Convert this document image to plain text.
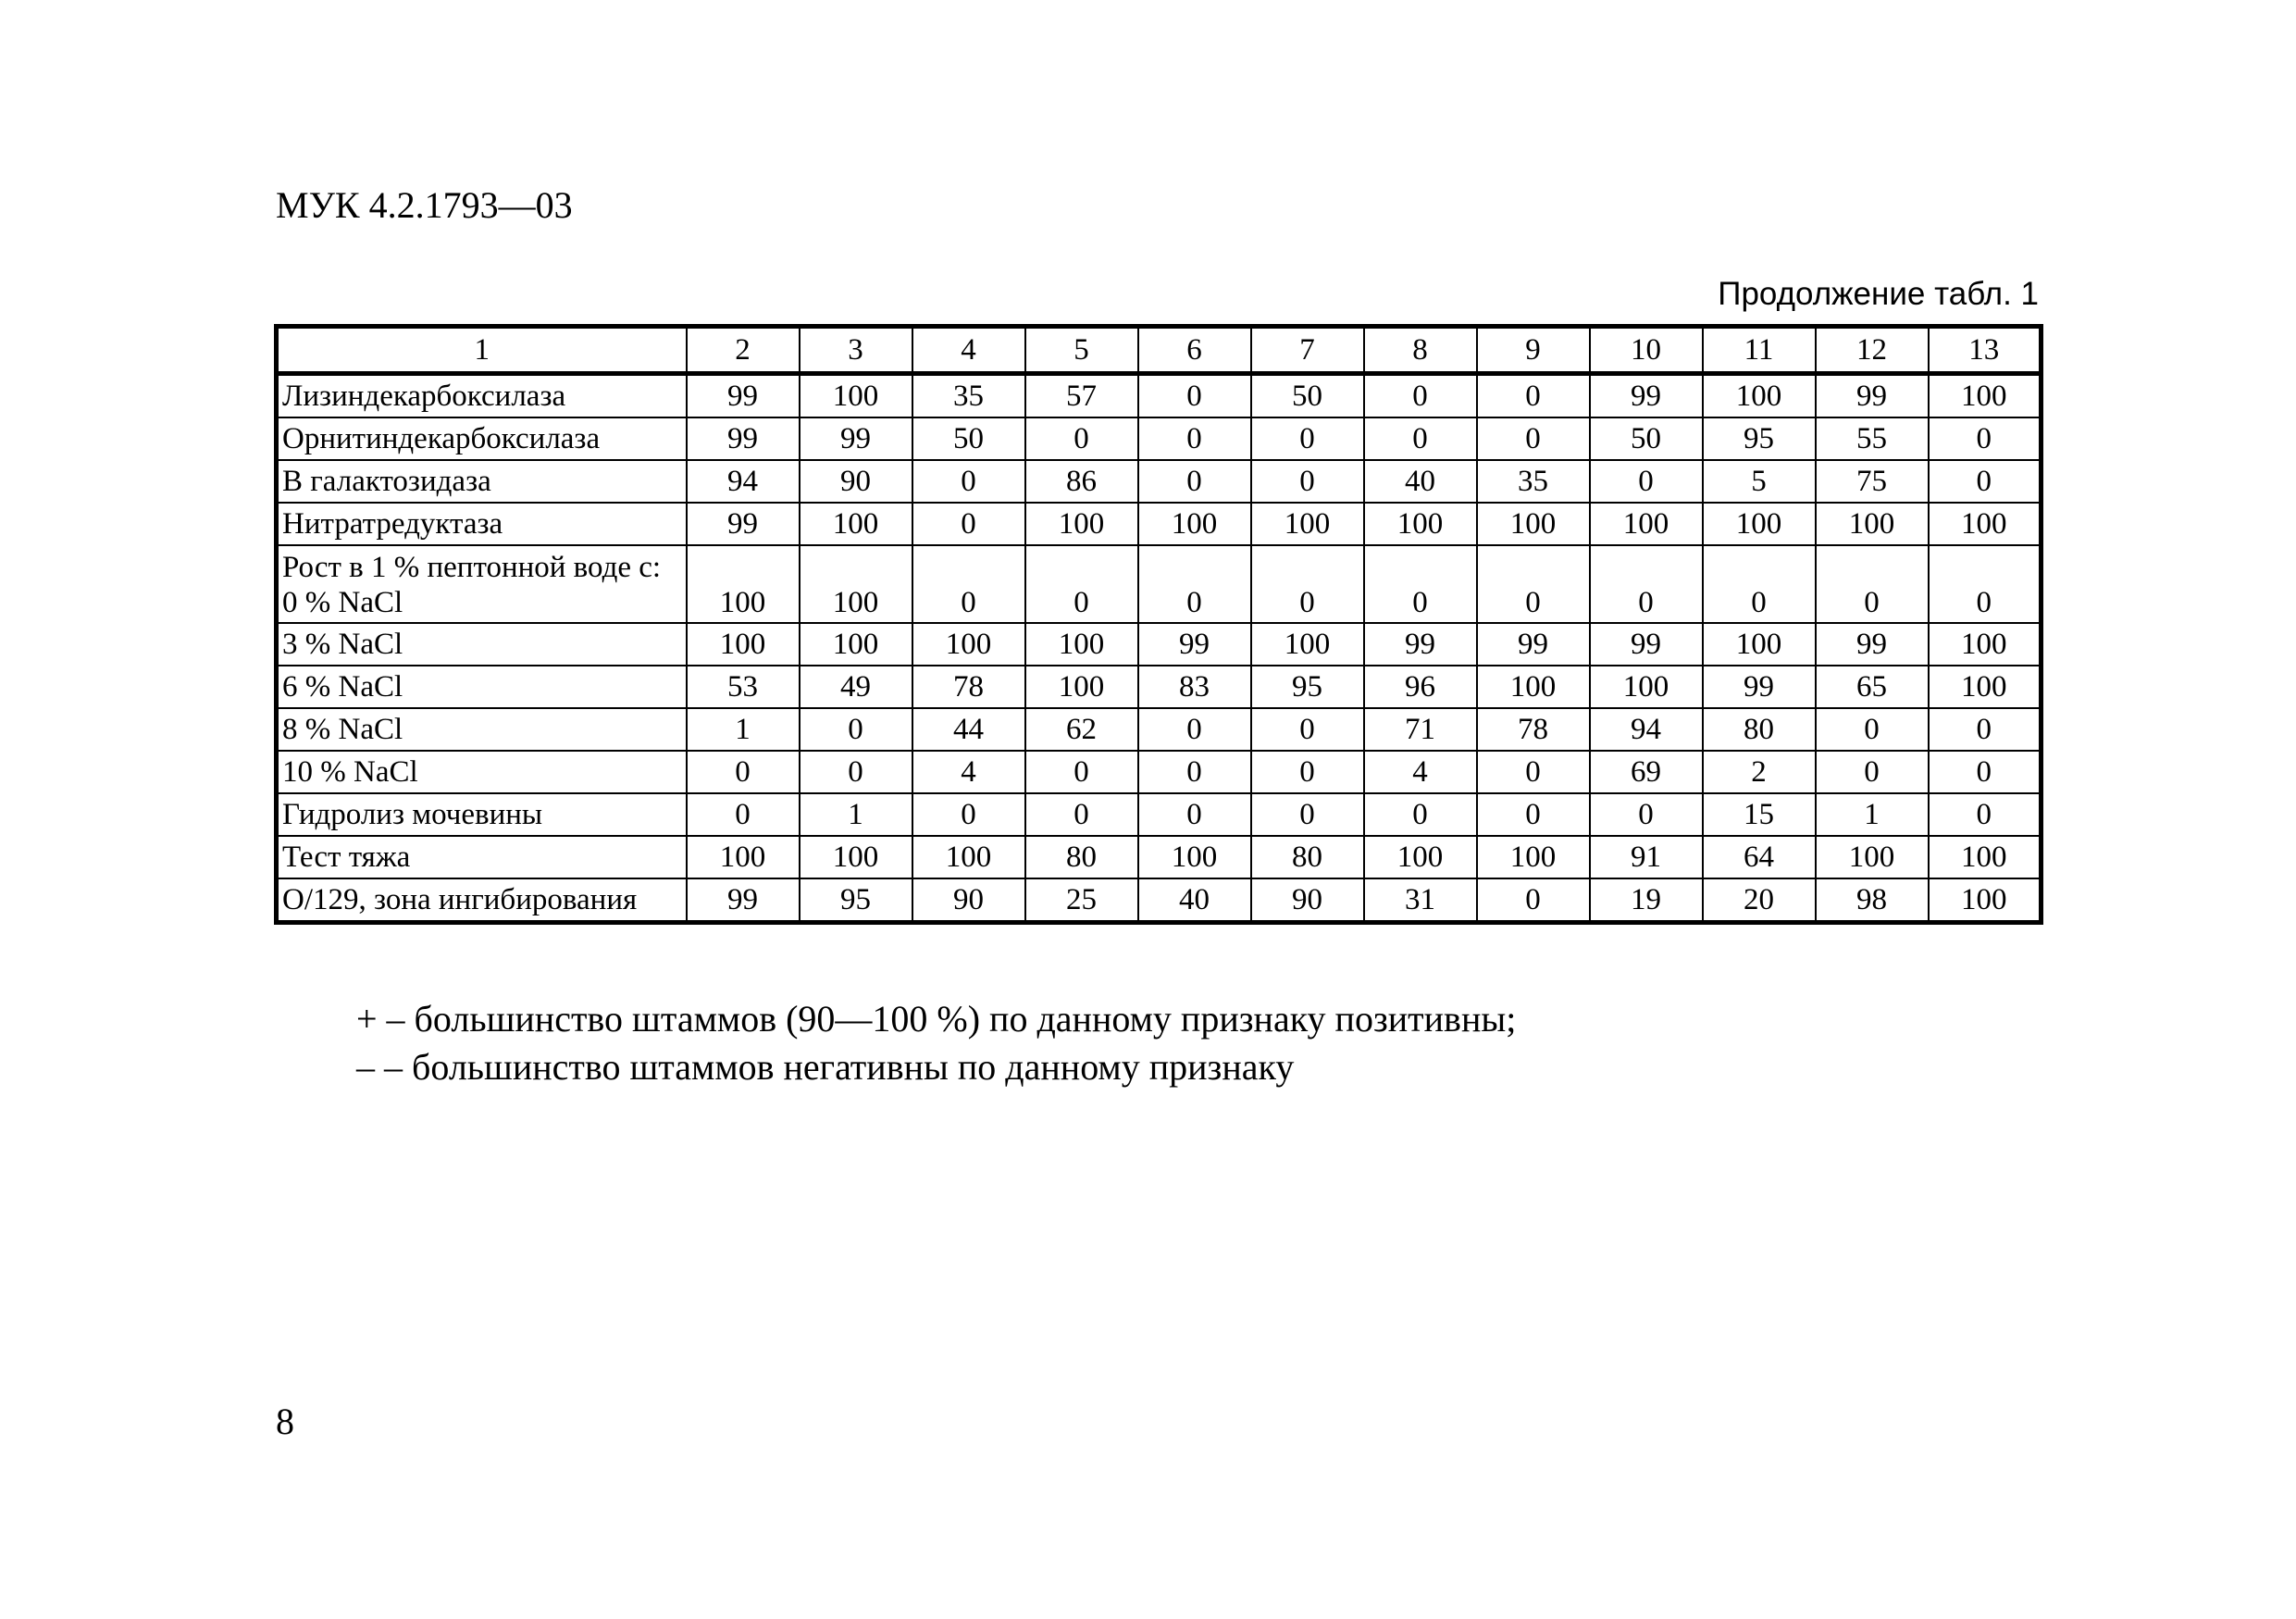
МУК 4.2.1793—03
Продолжение табл. 1
1	2	3	4	5	6	7	8	9	10	11	12	13

Лизиндекарбоксилаза	99	100	35	57	0	50	0	0	99	100	99	100

Орнитиндекарбоксилаза	99	99	50	0	0	0	0	0	50	95	55	0

В галактозидаза	94	90	0	86	0	0	40	35	0	5	75	0

Нитратредуктаза	99	100	0	100	100	100	100	100	100	100	100	100

Рост в 1 % пептонной воде с:
0 % NaCl	100	100	0	0	0	0	0	0	0	0	0	0

3 % NaCl	100	100	100	100	99	100	99	99	99	100	99	100

6 % NaCl	53	49	78	100	83	95	96	100	100	99	65	100

8 % NaCl	1	0	44	62	0	0	71	78	94	80	0	0

10 % NaCl	0	0	4	0	0	0	4	0	69	2	0	0

Гидролиз мочевины	0	1	0	0	0	0	0	0	0	15	1	0

Тест тяжа	100	100	100	80	100	80	100	100	91	64	100	100

О/129, зона ингибирования	99	95	90	25	40	90	31	0	19	20	98	100
+ – большинство штаммов (90—100 %) по данному признаку позитивны;
– – большинство штаммов негативны по данному признаку
8
